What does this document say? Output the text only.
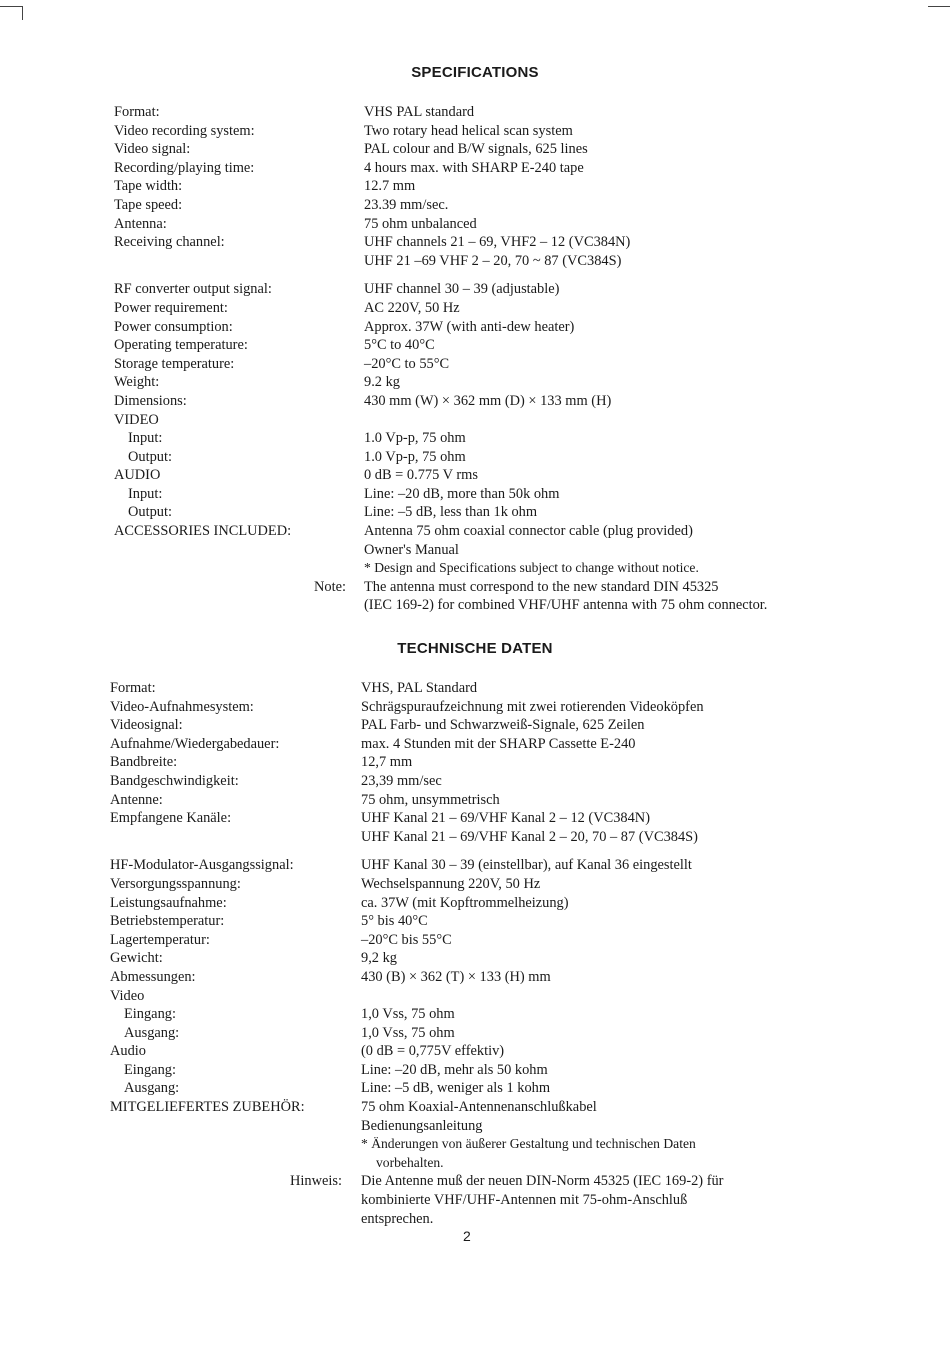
SPECIFICATIONS
Format:	VHS PAL standard
Video recording system:	Two rotary head helical scan system
Video signal:	PAL colour and B/W signals, 625 lines
Recording/playing time:	4 hours max. with SHARP E-240 tape
Tape width:	12.7 mm
Tape speed:	23.39 mm/sec.
Antenna:	75 ohm unbalanced
Receiving channel:	UHF channels 21 – 69, VHF2 – 12 (VC384N)
UHF 21 –69 VHF 2 – 20, 70 ~ 87 (VC384S)
RF converter output signal:	UHF channel 30 – 39 (adjustable)
Power requirement:	AC 220V, 50 Hz
Power consumption:	Approx. 37W (with anti-dew heater)
Operating temperature:	5°C to 40°C
Storage temperature:	–20°C to 55°C
Weight:	9.2 kg
Dimensions:	430 mm (W) × 362 mm (D) × 133 mm (H)
VIDEO
Input:	1.0 Vp-p, 75 ohm
Output:	1.0 Vp-p, 75 ohm
AUDIO	0 dB = 0.775 V rms
Input:	Line: –20 dB, more than 50k ohm
Output:	Line: –5 dB, less than 1k ohm
ACCESSORIES INCLUDED:	Antenna 75 ohm coaxial connector cable (plug provided)
Owner's Manual
* Design and Specifications subject to change without notice.
Note: The antenna must correspond to the new standard DIN 45325
(IEC 169-2) for combined VHF/UHF antenna with 75 ohm connector.
TECHNISCHE DATEN
Format:	VHS, PAL Standard
Video-Aufnahmesystem:	Schrägspuraufzeichnung mit zwei rotierenden Videoköpfen
Videosignal:	PAL Farb- und Schwarzweiß-Signale, 625 Zeilen
Aufnahme/Wiedergabedauer:	max. 4 Stunden mit der SHARP Cassette E-240
Bandbreite:	12,7 mm
Bandgeschwindigkeit:	23,39 mm/sec
Antenne:	75 ohm, unsymmetrisch
Empfangene Kanäle:	UHF Kanal 21 – 69/VHF Kanal 2 – 12 (VC384N)
UHF Kanal 21 – 69/VHF Kanal 2 – 20, 70 – 87 (VC384S)
HF-Modulator-Ausgangssignal:	UHF Kanal 30 – 39 (einstellbar), auf Kanal 36 eingestellt
Versorgungsspannung:	Wechselspannung 220V, 50 Hz
Leistungsaufnahme:	ca. 37W (mit Kopftrommelheizung)
Betriebstemperatur:	5° bis 40°C
Lagertemperatur:	–20°C bis 55°C
Gewicht:	9,2 kg
Abmessungen:	430 (B) × 362 (T) × 133 (H) mm
Video
Eingang:	1,0 Vss, 75 ohm
Ausgang:	1,0 Vss, 75 ohm
Audio	(0 dB = 0,775V effektiv)
Eingang:	Line: –20 dB, mehr als 50 kohm
Ausgang:	Line: –5 dB, weniger als 1 kohm
MITGELIEFERTES ZUBEHÖR:	75 ohm Koaxial-Antennenanschlußkabel
Bedienungsanleitung
* Änderungen von äußerer Gestaltung und technischen Daten
vorbehalten.
Hinweis: Die Antenne muß der neuen DIN-Norm 45325 (IEC 169-2) für
kombinierte VHF/UHF-Antennen mit 75-ohm-Anschluß
entsprechen.
2
